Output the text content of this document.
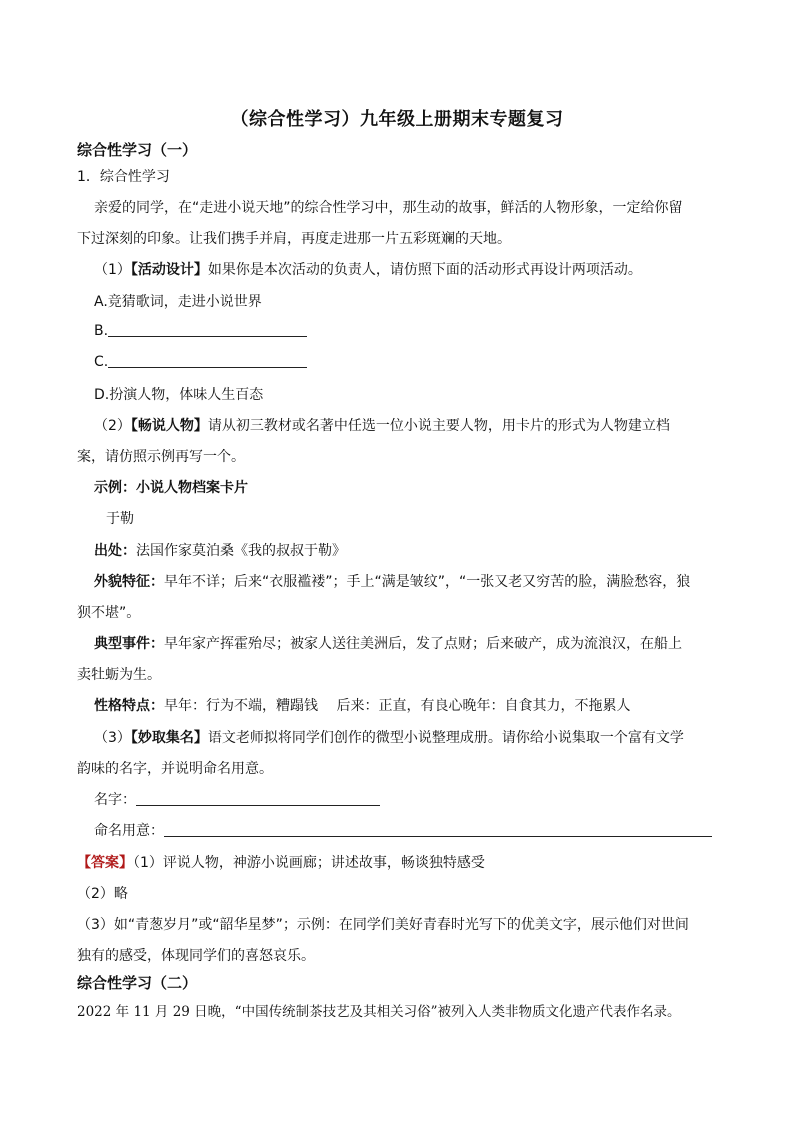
（综合性学习）九年级上册期末专题复习
综合性学习（一）
1．综合性学习
亲爱的同学，在“走进小说天地”的综合性学习中，那生动的故事，鲜活的人物形象，一定给你留
下过深刻的印象。让我们携手并肩，再度走进那一片五彩斑斓的天地。
（1）【活动设计】如果你是本次活动的负责人，请仿照下面的活动形式再设计两项活动。
A.竞猜歌词，走进小说世界
B.
C.
D.扮演人物，体味人生百态
（2）【畅说人物】请从初三教材或名著中任选一位小说主要人物，用卡片的形式为人物建立档
案，请仿照示例再写一个。
示例：小说人物档案卡片
于勒
出处：法国作家莫泊桑《我的叔叔于勒》
外貌特征：早年不详；后来“衣服褴褛”；手上“满是皱纹”，“一张又老又穷苦的脸，满脸愁容，狼
狈不堪”。
典型事件：早年家产挥霍殆尽；被家人送往美洲后，发了点财；后来破产，成为流浪汉，在船上
卖牡蛎为生。
性格特点：早年：行为不端，糟蹋钱　 后来：正直，有良心晚年：自食其力，不拖累人
（3）【妙取集名】语文老师拟将同学们创作的微型小说整理成册。请你给小说集取一个富有文学
韵味的名字，并说明命名用意。
名字：
命名用意：
【答案】（1）评说人物，神游小说画廊；讲述故事，畅谈独特感受
（2）略
（3）如“青葱岁月”或“韶华星梦”；示例：在同学们美好青春时光写下的优美文字，展示他们对世间
独有的感受，体现同学们的喜怒哀乐。
综合性学习（二）
2022 年 11 月 29 日晚，“中国传统制茶技艺及其相关习俗”被列入人类非物质文化遗产代表作名录。
